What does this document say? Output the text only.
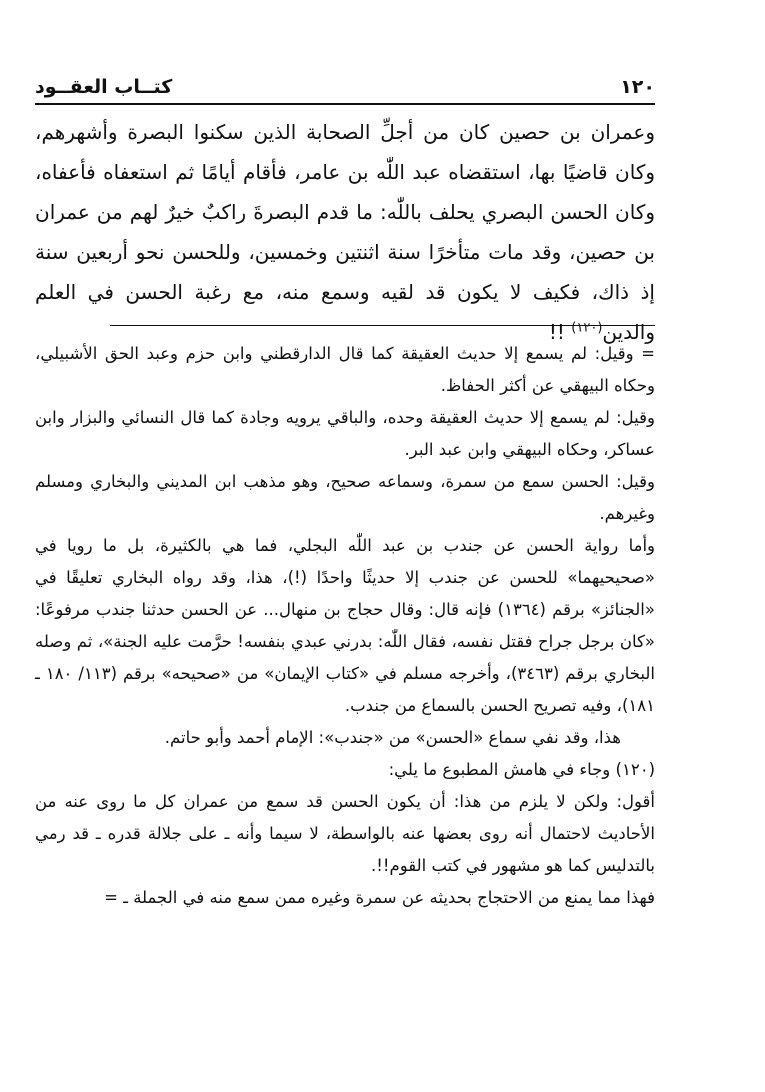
كتــاب العقــود	١٢٠

وعمران بن حصين كان من أجلِّ الصحابة الذين سكنوا البصرة وأشهرهم، وكان قاضيًا بها، استقضاه عبد اللّٰه بن عامر، فأقام أيامًا ثم استعفاه فأعفاه، وكان الحسن البصري يحلف باللّٰه: ما قدم البصرةَ راكبٌ خيرٌ لهم من عمران بن حصين، وقد مات متأخرًا سنة اثنتين وخمسين، وللحسن نحو أربعين سنة إذ ذاك، فكيف لا يكون قد لقيه وسمع منه، مع رغبة الحسن في العلم والدين$^{(١٢٠)}$ !!

= وقيل: لم يسمع إلا حديث العقيقة كما قال الدارقطني وابن حزم وعبد الحق الأشبيلي، وحكاه البيهقي عن أكثر الحفاظ.

وقيل: لم يسمع إلا حديث العقيقة وحده، والباقي يرويه وجادة كما قال النسائي والبزار وابن عساكر، وحكاه البيهقي وابن عبد البر.

وقيل: الحسن سمع من سمرة، وسماعه صحيح، وهو مذهب ابن المديني والبخاري ومسلم وغيرهم.

وأما رواية الحسن عن جندب بن عبد اللّٰه البجلي، فما هي بالكثيرة، بل ما رويا في «صحيحيهما» للحسن عن جندب إلا حديثًا واحدًا (!)، هذا، وقد رواه البخاري تعليقًا في «الجنائز» برقم (١٣٦٤) فإنه قال: وقال حجاج بن منهال... عن الحسن حدثنا جندب مرفوعًا: «كان برجل جراح فقتل نفسه، فقال اللّٰه: بدرني عبدي بنفسه! حرَّمت عليه الجنة»، ثم وصله البخاري برقم (٣٤٦٣)، وأخرجه مسلم في «كتاب الإيمان» من «صحيحه» برقم (١١٣/ ١٨٠ ـ ١٨١)، وفيه تصريح الحسن بالسماع من جندب.

هذا، وقد نفي سماع «الحسن» من «جندب»: الإمام أحمد وأبو حاتم.

(١٢٠) وجاء في هامش المطبوع ما يلي:

أقول: ولكن لا يلزم من هذا: أن يكون الحسن قد سمع من عمران كل ما روى عنه من الأحاديث لاحتمال أنه روى بعضها عنه بالواسطة، لا سيما وأنه ـ على جلالة قدره ـ قد رمي بالتدليس كما هو مشهور في كتب القوم!!.

فهذا مما يمنع من الاحتجاج بحديثه عن سمرة وغيره ممن سمع منه في الجملة ـ =
